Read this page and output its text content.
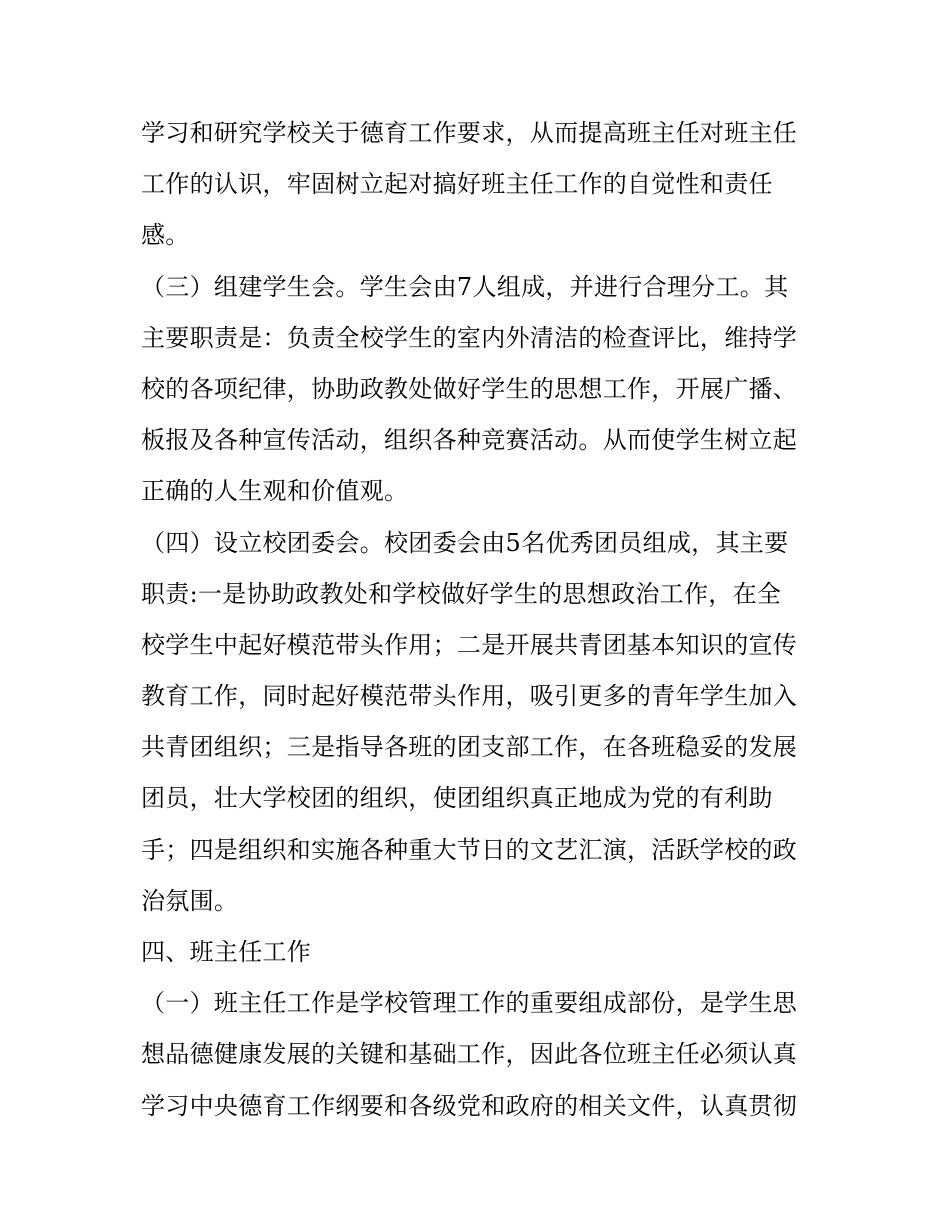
学习和研究学校关于德育工作要求，从而提高班主任对班主任
工作的认识，牢固树立起对搞好班主任工作的自觉性和责任
感。
（三）组建学生会。学生会由7人组成，并进行合理分工。其
主要职责是：负责全校学生的室内外清洁的检查评比，维持学
校的各项纪律，协助政教处做好学生的思想工作，开展广播、
板报及各种宣传活动，组织各种竞赛活动。从而使学生树立起
正确的人生观和价值观。
（四）设立校团委会。校团委会由5名优秀团员组成，其主要
职责:一是协助政教处和学校做好学生的思想政治工作，在全
校学生中起好模范带头作用；二是开展共青团基本知识的宣传
教育工作，同时起好模范带头作用，吸引更多的青年学生加入
共青团组织；三是指导各班的团支部工作，在各班稳妥的发展
团员，壮大学校团的组织，使团组织真正地成为党的有利助
手；四是组织和实施各种重大节日的文艺汇演，活跃学校的政
治氛围。
四、班主任工作
（一）班主任工作是学校管理工作的重要组成部份，是学生思
想品德健康发展的关键和基础工作，因此各位班主任必须认真
学习中央德育工作纲要和各级党和政府的相关文件，认真贯彻
